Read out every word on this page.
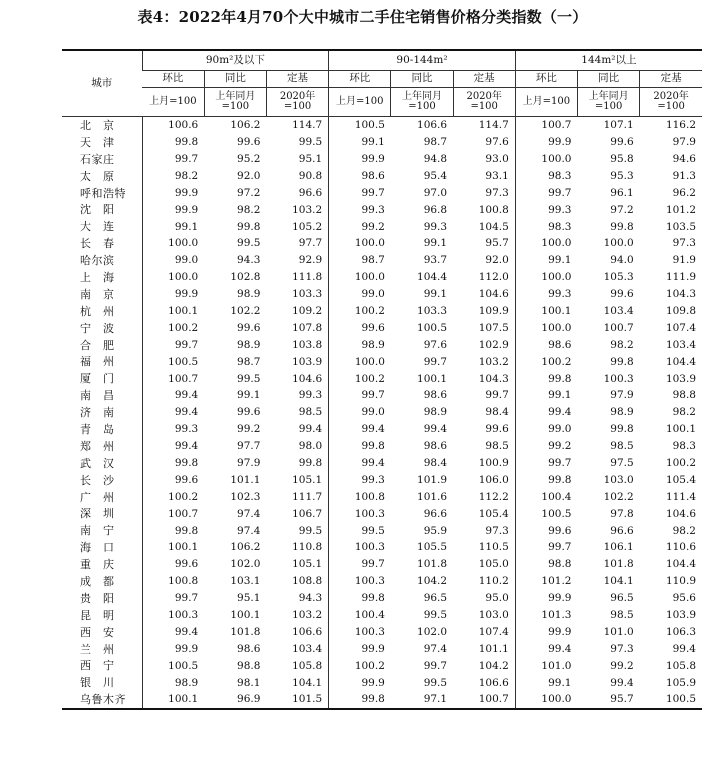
表4：2022年4月70个大中城市二手住宅销售价格分类指数（一）
城市	90m²及以下			90-144m²			144m²以上		
	环比	同比	定基	环比	同比	定基	环比	同比	定基
	上月=100	上年同月=100	2020年=100	上月=100	上年同月=100	2020年=100	上月=100	上年同月=100	2020年=100
北　京	100.6	106.2	114.7	100.5	106.6	114.7	100.7	107.1	116.2
天　津	99.8	99.6	99.5	99.1	98.7	97.6	99.9	99.6	97.9
石家庄	99.7	95.2	95.1	99.9	94.8	93.0	100.0	95.8	94.6
太　原	98.2	92.0	90.8	98.6	95.4	93.1	98.3	95.3	91.3
呼和浩特	99.9	97.2	96.6	99.7	97.0	97.3	99.7	96.1	96.2
沈　阳	99.9	98.2	103.2	99.3	96.8	100.8	99.3	97.2	101.2
大　连	99.1	99.8	105.2	99.2	99.3	104.5	98.3	99.8	103.5
长　春	100.0	99.5	97.7	100.0	99.1	95.7	100.0	100.0	97.3
哈尔滨	99.0	94.3	92.9	98.7	93.7	92.0	99.1	94.0	91.9
上　海	100.0	102.8	111.8	100.0	104.4	112.0	100.0	105.3	111.9
南　京	99.9	98.9	103.3	99.0	99.1	104.6	99.3	99.6	104.3
杭　州	100.1	102.2	109.2	100.2	103.3	109.9	100.1	103.4	109.8
宁　波	100.2	99.6	107.8	99.6	100.5	107.5	100.0	100.7	107.4
合　肥	99.7	98.9	103.8	98.9	97.6	102.9	98.6	98.2	103.4
福　州	100.5	98.7	103.9	100.0	99.7	103.2	100.2	99.8	104.4
厦　门	100.7	99.5	104.6	100.2	100.1	104.3	99.8	100.3	103.9
南　昌	99.4	99.1	99.3	99.7	98.6	99.7	99.1	97.9	98.8
济　南	99.4	99.6	98.5	99.0	98.9	98.4	99.4	98.9	98.2
青　岛	99.3	99.2	99.4	99.4	99.4	99.6	99.0	99.8	100.1
郑　州	99.4	97.7	98.0	99.8	98.6	98.5	99.2	98.5	98.3
武　汉	99.8	97.9	99.8	99.4	98.4	100.9	99.7	97.5	100.2
长　沙	99.6	101.1	105.1	99.3	101.9	106.0	99.8	103.0	105.4
广　州	100.2	102.3	111.7	100.8	101.6	112.2	100.4	102.2	111.4
深　圳	100.7	97.4	106.7	100.3	96.6	105.4	100.5	97.8	104.6
南　宁	99.8	97.4	99.5	99.5	95.9	97.3	99.6	96.6	98.2
海　口	100.1	106.2	110.8	100.3	105.5	110.5	99.7	106.1	110.6
重　庆	99.6	102.0	105.1	99.7	101.8	105.0	98.8	101.8	104.4
成　都	100.8	103.1	108.8	100.3	104.2	110.2	101.2	104.1	110.9
贵　阳	99.7	95.1	94.3	99.8	96.5	95.0	99.9	96.5	95.6
昆　明	100.3	100.1	103.2	100.4	99.5	103.0	101.3	98.5	103.9
西　安	99.4	101.8	106.6	100.3	102.0	107.4	99.9	101.0	106.3
兰　州	99.9	98.6	103.4	99.9	97.4	101.1	99.4	97.3	99.4
西　宁	100.5	98.8	105.8	100.2	99.7	104.2	101.0	99.2	105.8
银　川	98.9	98.1	104.1	99.9	99.5	106.6	99.1	99.4	105.9
乌鲁木齐	100.1	96.9	101.5	99.8	97.1	100.7	100.0	95.7	100.5
